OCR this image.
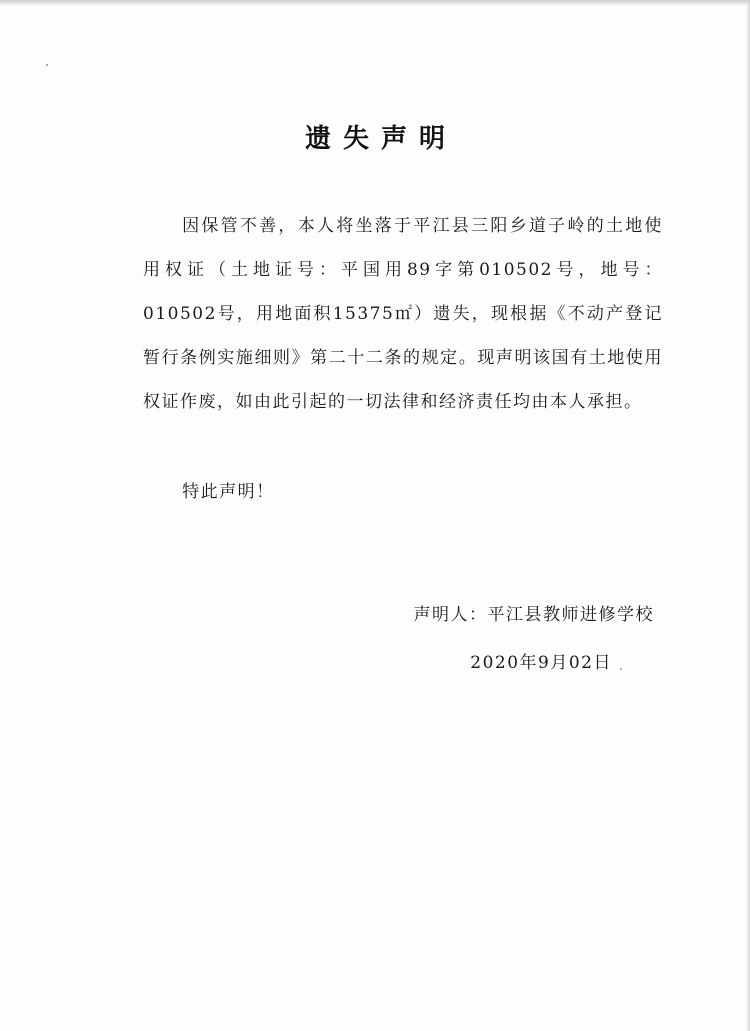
遗失声明

因保管不善，本人将坐落于平江县三阳乡道子岭的土地使用权证（土地证号：平国用89字第010502号，地号：010502号，用地面积15375㎡）遗失，现根据《不动产登记暂行条例实施细则》第二十二条的规定。现声明该国有土地使用权证作废，如由此引起的一切法律和经济责任均由本人承担。

特此声明！

声明人：平江县教师进修学校
2020年9月02日
